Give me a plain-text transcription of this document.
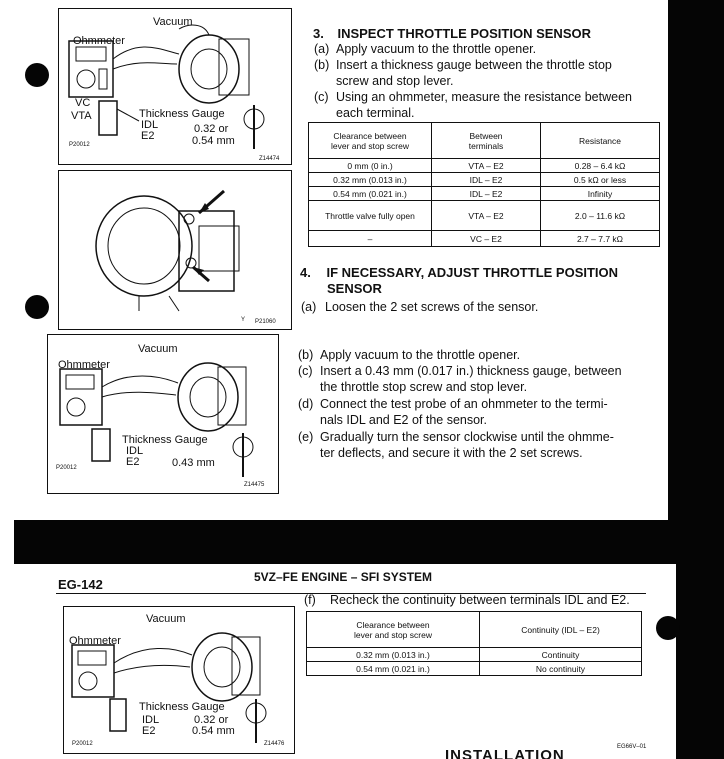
Vacuum
Ohmmeter
VC
VTA	Thickness Gauge
IDL
E2
0.32 or
0.54 mm
P20012
Z14474
Y P21060
Vacuum
Ohmmeter
Thickness Gauge
IDL
E2	0.43 mm
P20012
Z14475
3. INSPECT THROTTLE POSITION SENSOR
(a) Apply vacuum to the throttle opener.
(b) Insert a thickness gauge between the throttle stop
screw and stop lever.
(c) Using an ohmmeter, measure the resistance between
each terminal.
Clearance between
lever and stop screw	Between
terminals	Resistance
0 mm (0 in.)	VTA – E2	0.28 – 6.4 kΩ
0.32 mm (0.013 in.)	IDL – E2	0.5 kΩ or less
0.54 mm (0.021 in.)	IDL – E2	Infinity
Throttle valve fully open	VTA – E2	2.0 – 11.6 kΩ
–	VC – E2	2.7 – 7.7 kΩ
4. IF NECESSARY, ADJUST THROTTLE POSITION
SENSOR
(a) Loosen the 2 set screws of the sensor.
(b) Apply vacuum to the throttle opener.
(c) Insert a 0.43 mm (0.017 in.) thickness gauge, between
the throttle stop screw and stop lever.
(d) Connect the test probe of an ohmmeter to the termi-
nals IDL and E2 of the sensor.
(e) Gradually turn the sensor clockwise until the ohmme-
ter deflects, and secure it with the 2 set screws.
EG-142	5VZ–FE ENGINE – SFI SYSTEM
(f) Recheck the continuity between terminals IDL and E2.
Vacuum
Ohmmeter
Thickness Gauge
IDL
E2
0.32 or
0.54 mm
P20012	Z14476
Clearance between
lever and stop screw	Continuity (IDL – E2)
0.32 mm (0.013 in.)	Continuity
0.54 mm (0.021 in.)	No continuity
INSTALLATION	EG66V–01
